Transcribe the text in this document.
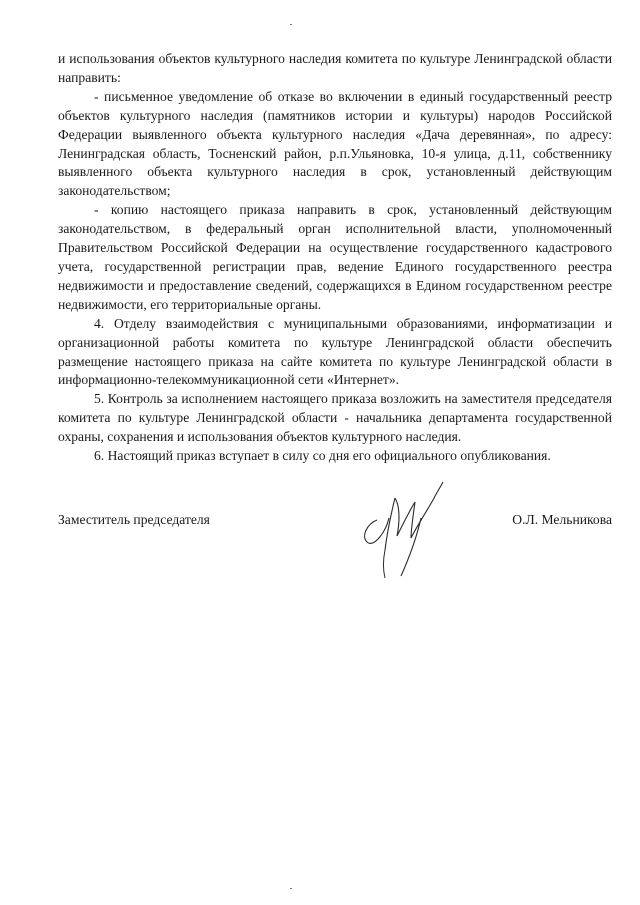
и использования объектов культурного наследия комитета по культуре Ленинградской области направить:

- письменное уведомление об отказе во включении в единый государственный реестр объектов культурного наследия (памятников истории и культуры) народов Российской Федерации выявленного объекта культурного наследия «Дача деревянная», по адресу: Ленинградская область, Тосненский район, р.п.Ульяновка, 10-я улица, д.11, собственнику выявленного объекта культурного наследия в срок, установленный действующим законодательством;

- копию настоящего приказа направить в срок, установленный действующим законодательством, в федеральный орган исполнительной власти, уполномоченный Правительством Российской Федерации на осуществление государственного кадастрового учета, государственной регистрации прав, ведение Единого государственного реестра недвижимости и предоставление сведений, содержащихся в Едином государственном реестре недвижимости, его территориальные органы.

4. Отделу взаимодействия с муниципальными образованиями, информатизации и организационной работы комитета по культуре Ленинградской области обеспечить размещение настоящего приказа на сайте комитета по культуре Ленинградской области в информационно-телекоммуникационной сети «Интернет».

5. Контроль за исполнением настоящего приказа возложить на заместителя председателя комитета по культуре Ленинградской области - начальника департамента государственной охраны, сохранения и использования объектов культурного наследия.

6. Настоящий приказ вступает в силу со дня его официального опубликования.

Заместитель председателя	О.Л. Мельникова
